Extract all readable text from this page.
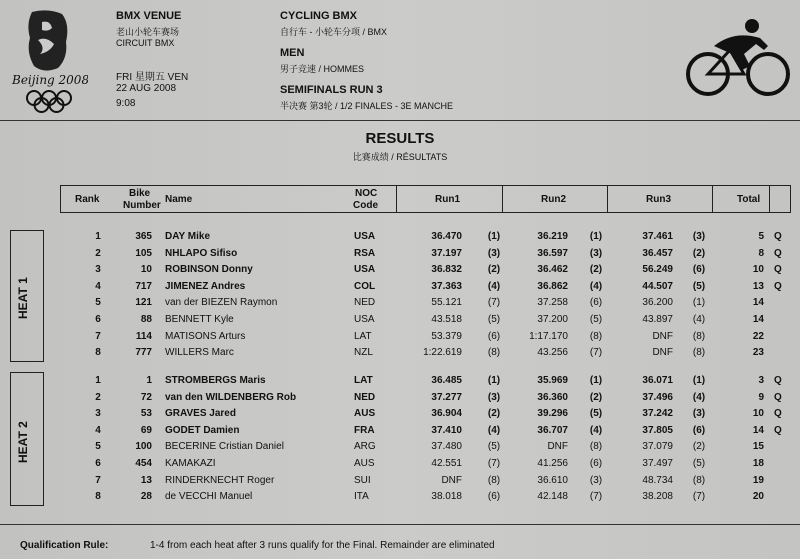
Beijing 2008
BMX VENUE
老山小轮车赛场
CIRCUIT BMX
FRI 星期五 VEN
22 AUG 2008
9:08
CYCLING BMX
自行车 - 小轮车分项 / BMX
MEN
男子竞速 / HOMMES
SEMIFINALS RUN 3
半决赛 第3轮 / 1/2 FINALES - 3E MANCHE
RESULTS
比赛成绩 / RÉSULTATS
Rank
Bike
Number
Name
NOC
Code
Run1	Run2	Run3	Total
HEAT 1
HEAT 2
1	365 DAY Mike	USA	36.470	(1)	36.219	(1)	37.461	(3)	5 Q
2	105 NHLAPO Sifiso	RSA	37.197	(3)	36.597	(3)	36.457	(2)	8 Q
3	10 ROBINSON Donny	USA	36.832	(2)	36.462	(2)	56.249	(6)	10 Q
4	717 JIMENEZ Andres	COL	37.363	(4)	36.862	(4)	44.507	(5)	13 Q
5	121 van der BIEZEN Raymon	NED	55.121	(7)	37.258	(6)	36.200	(1)	14
6	88 BENNETT Kyle	USA	43.518	(5)	37.200	(5)	43.897	(4)	14
7	114 MATISONS Arturs	LAT	53.379	(6)	1:17.170	(8)	DNF	(8)	22
8	777 WILLERS Marc	NZL	1:22.619	(8)	43.256	(7)	DNF	(8)	23
1	1 STROMBERGS Maris	LAT	36.485	(1)	35.969	(1)	36.071	(1)	3 Q
2	72 van den WILDENBERG Rob	NED	37.277	(3)	36.360	(2)	37.496	(4)	9 Q
3	53 GRAVES Jared	AUS	36.904	(2)	39.296	(5)	37.242	(3)	10 Q
4	69 GODET Damien	FRA	37.410	(4)	36.707	(4)	37.805	(6)	14 Q
5	100 BECERINE Cristian Daniel	ARG	37.480	(5)	DNF	(8)	37.079	(2)	15
6	454 KAMAKAZI	AUS	42.551	(7)	41.256	(6)	37.497	(5)	18
7	13 RINDERKNECHT Roger	SUI	DNF	(8)	36.610	(3)	48.734	(8)	19
8	28 de VECCHI Manuel	ITA	38.018	(6)	42.148	(7)	38.208	(7)	20
Qualification Rule:	1-4 from each heat after 3 runs qualify for the Final. Remainder are eliminated
